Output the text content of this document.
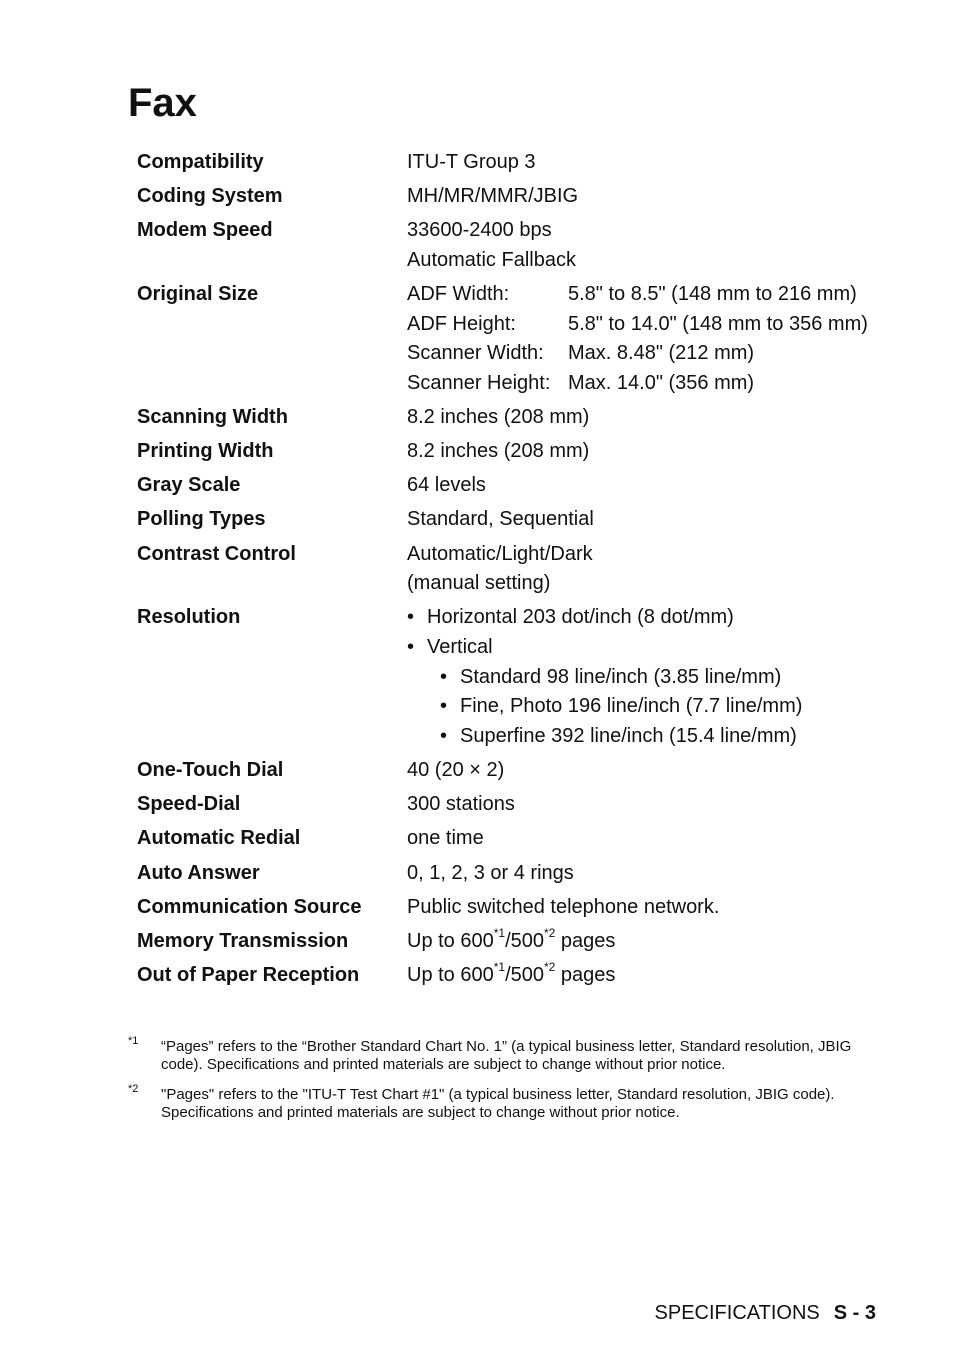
Fax
Compatibility	ITU-T Group 3
Coding System	MH/MR/MMR/JBIG
Modem Speed	33600-2400 bps
Automatic Fallback
Original Size	ADF Width:	5.8" to 8.5" (148 mm to 216 mm)
ADF Height:	5.8" to 14.0" (148 mm to 356 mm)
Scanner Width:	Max. 8.48" (212 mm)
Scanner Height: Max. 14.0" (356 mm)
Scanning Width	8.2 inches (208 mm)
Printing Width	8.2 inches (208 mm)
Gray Scale	64 levels
Polling Types	Standard, Sequential
Contrast Control	Automatic/Light/Dark
(manual setting)
Resolution	• Horizontal 203 dot/inch (8 dot/mm)
• Vertical
• Standard 98 line/inch (3.85 line/mm)
• Fine, Photo 196 line/inch (7.7 line/mm)
• Superfine 392 line/inch (15.4 line/mm)
One-Touch Dial	40 (20 × 2)
Speed-Dial	300 stations
Automatic Redial	one time
Auto Answer	0, 1, 2, 3 or 4 rings
Communication Source	Public switched telephone network.
Memory Transmission	Up to 600$^{*1}$/500$^{*2}$ pages
Out of Paper Reception	Up to 600$^{*1}$/500$^{*2}$ pages
*1	“Pages” refers to the “Brother Standard Chart No. 1” (a typical business letter, Standard resolution, JBIG code). Specifications and printed materials are subject to change without prior notice.
*2	"Pages" refers to the "ITU-T Test Chart #1" (a typical business letter, Standard resolution, JBIG code). Specifications and printed materials are subject to change without prior notice.
SPECIFICATIONS S - 3
